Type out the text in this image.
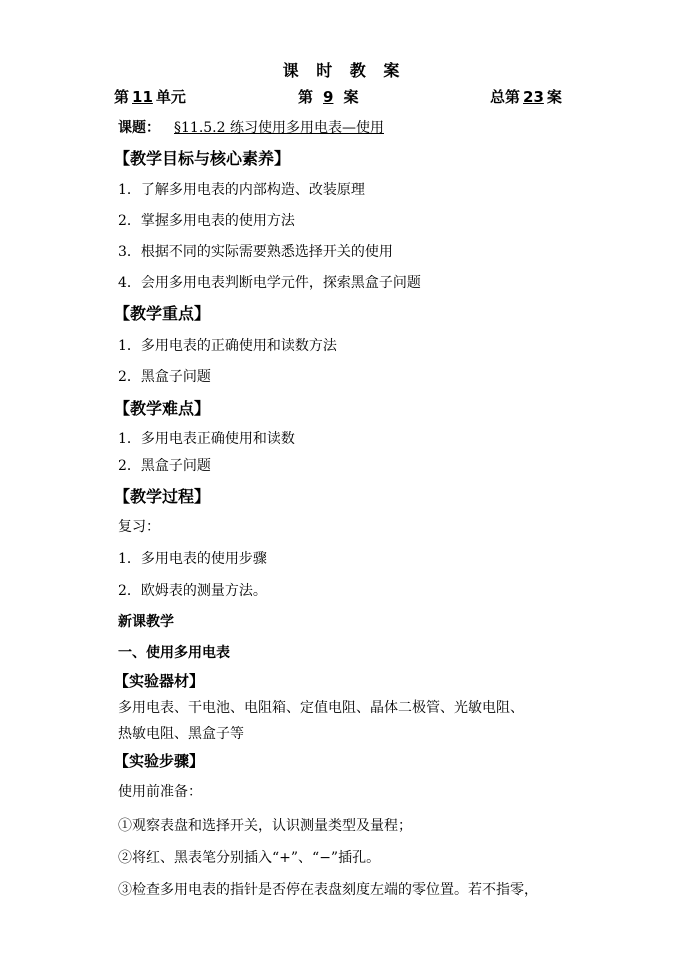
课 时 教 案
第 11 单元	第 9 案	总第 23 案
课题： §11.5.2 练习使用多用电表—使用
【教学目标与核心素养】
1．了解多用电表的内部构造、改装原理
2．掌握多用电表的使用方法
3．根据不同的实际需要熟悉选择开关的使用
4．会用多用电表判断电学元件，探索黑盒子问题
【教学重点】
1．多用电表的正确使用和读数方法
2．黑盒子问题
【教学难点】
1．多用电表正确使用和读数
2．黑盒子问题
【教学过程】
复习：
1．多用电表的使用步骤
2．欧姆表的测量方法。
新课教学
一、使用多用电表
【实验器材】
多用电表、干电池、电阻箱、定值电阻、晶体二极管、光敏电阻、
热敏电阻、黑盒子等
【实验步骤】
使用前准备：
①观察表盘和选择开关，认识测量类型及量程；
②将红、黑表笔分别插入“+”、“−”插孔。
③检查多用电表的指针是否停在表盘刻度左端的零位置。若不指零，
